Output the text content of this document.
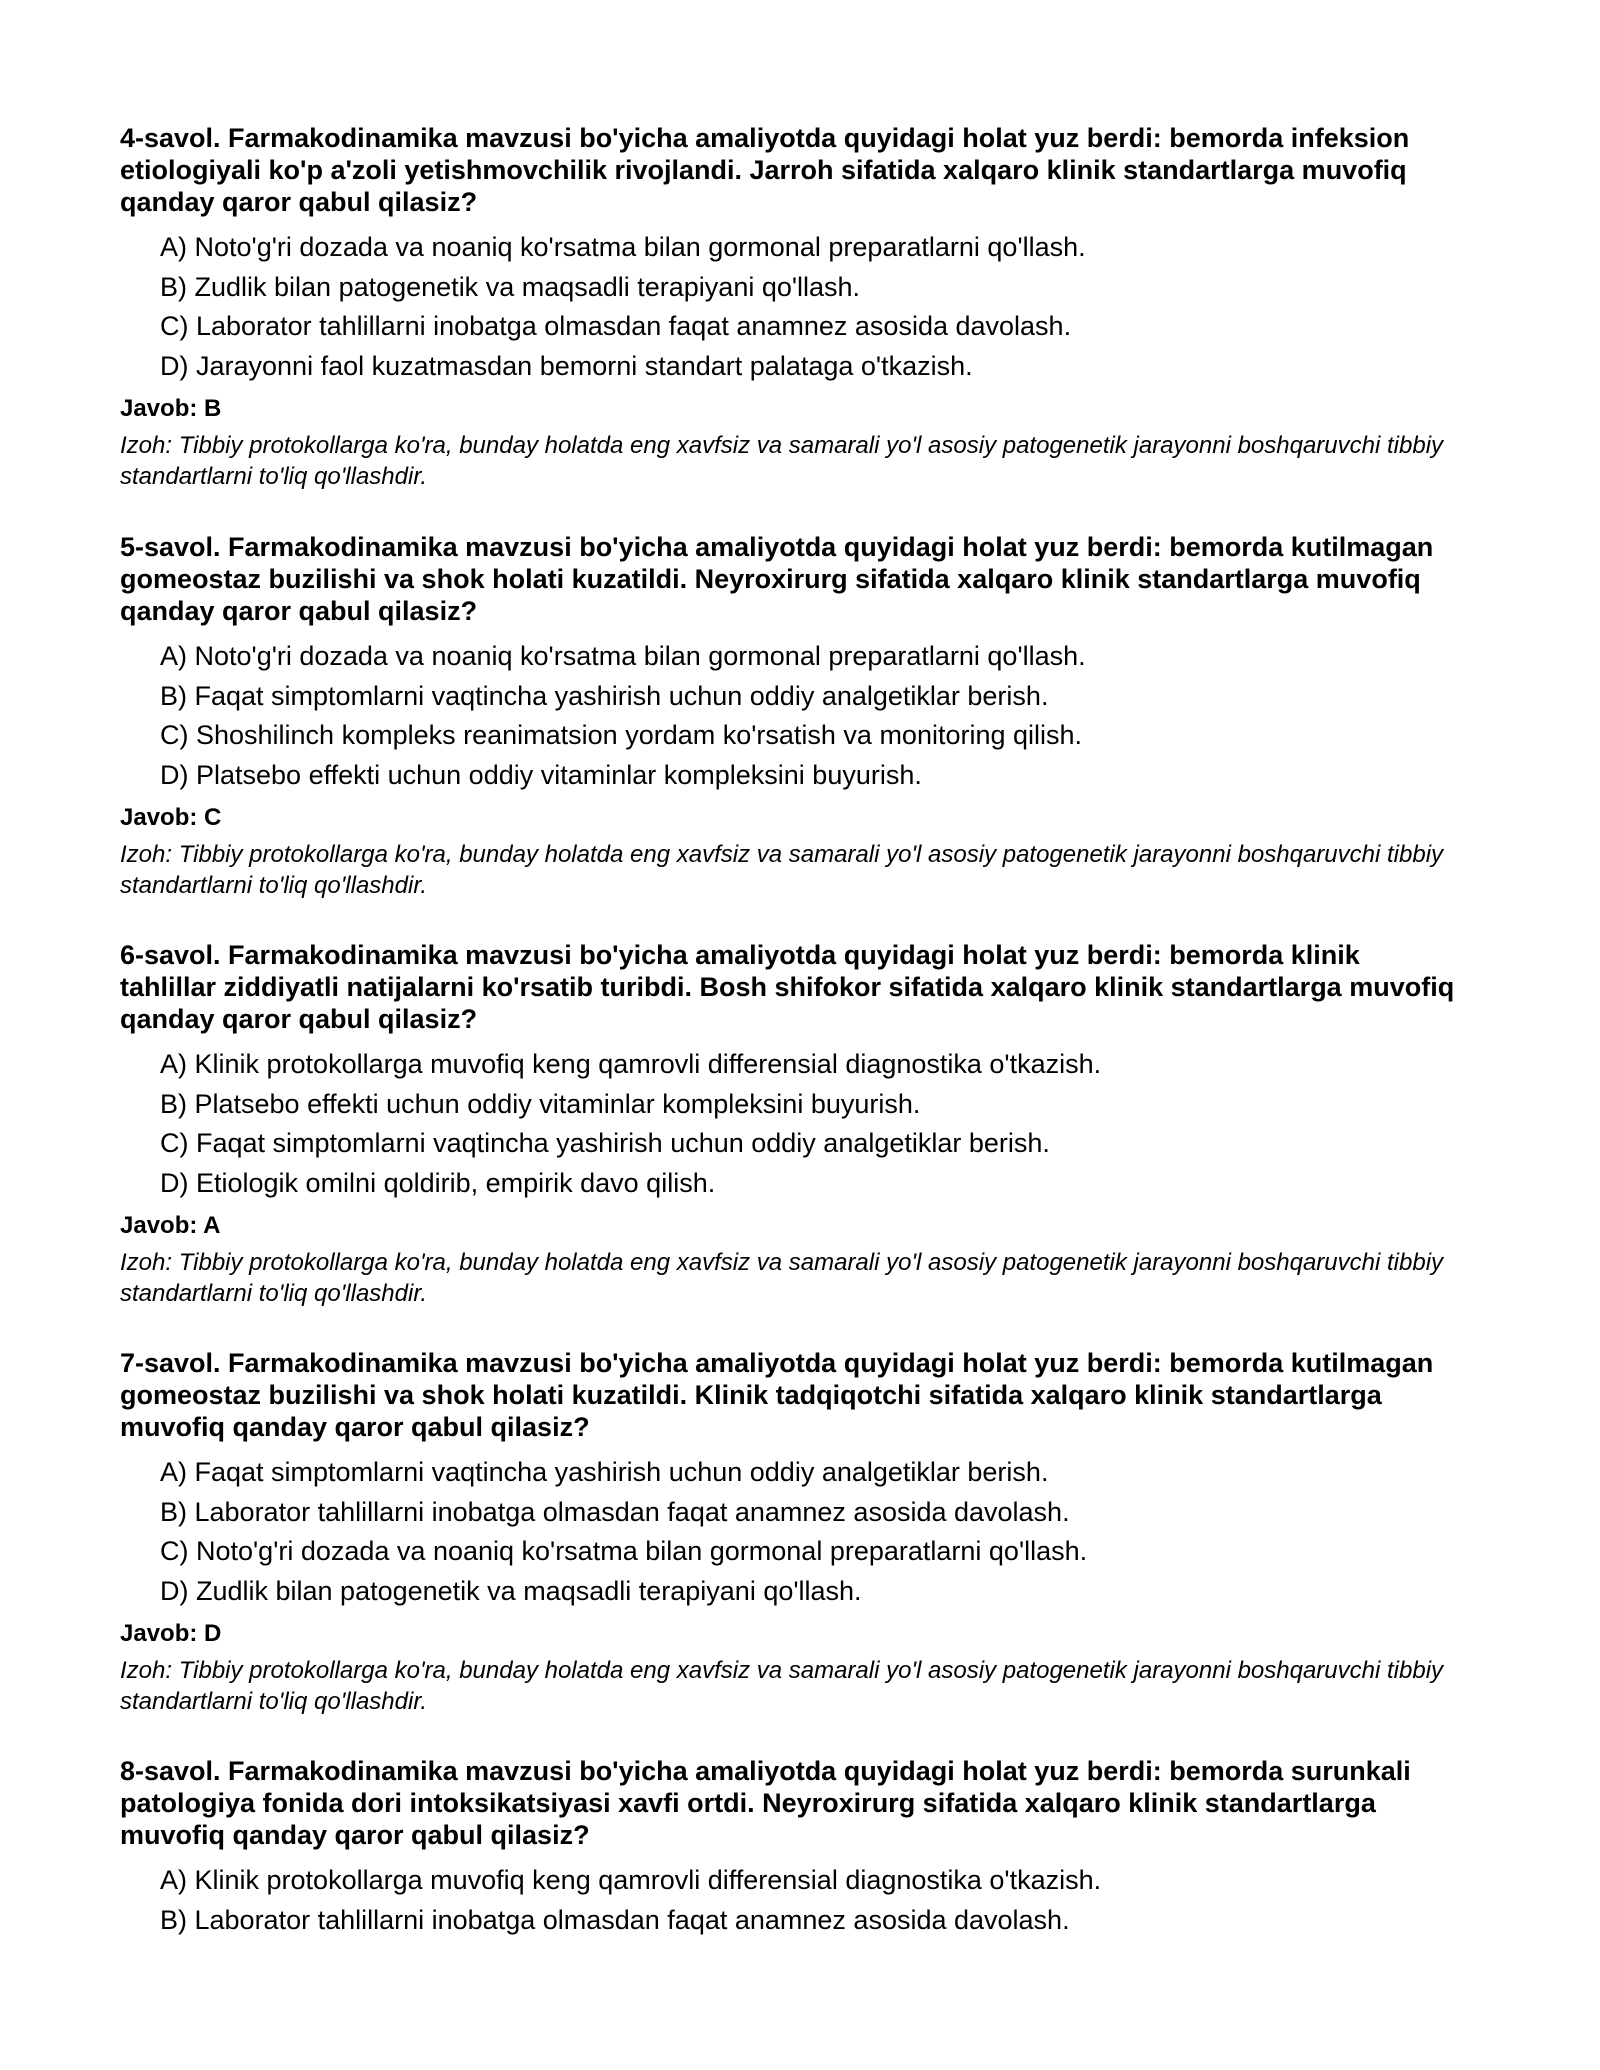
4-savol. Farmakodinamika mavzusi bo'yicha amaliyotda quyidagi holat yuz berdi: bemorda infeksion etiologiyali ko'p a'zoli yetishmovchilik rivojlandi. Jarroh sifatida xalqaro klinik standartlarga muvofiq qanday qaror qabul qilasiz?

A) Noto'g'ri dozada va noaniq ko'rsatma bilan gormonal preparatlarni qo'llash.
B) Zudlik bilan patogenetik va maqsadli terapiyani qo'llash.
C) Laborator tahlillarni inobatga olmasdan faqat anamnez asosida davolash.
D) Jarayonni faol kuzatmasdan bemorni standart palataga o'tkazish.

Javob: B

Izoh: Tibbiy protokollarga ko'ra, bunday holatda eng xavfsiz va samarali yo'l asosiy patogenetik jarayonni boshqaruvchi tibbiy standartlarni to'liq qo'llashdir.

5-savol. Farmakodinamika mavzusi bo'yicha amaliyotda quyidagi holat yuz berdi: bemorda kutilmagan gomeostaz buzilishi va shok holati kuzatildi. Neyroxirurg sifatida xalqaro klinik standartlarga muvofiq qanday qaror qabul qilasiz?

A) Noto'g'ri dozada va noaniq ko'rsatma bilan gormonal preparatlarni qo'llash.
B) Faqat simptomlarni vaqtincha yashirish uchun oddiy analgetiklar berish.
C) Shoshilinch kompleks reanimatsion yordam ko'rsatish va monitoring qilish.
D) Platsebo effekti uchun oddiy vitaminlar kompleksini buyurish.

Javob: C

Izoh: Tibbiy protokollarga ko'ra, bunday holatda eng xavfsiz va samarali yo'l asosiy patogenetik jarayonni boshqaruvchi tibbiy standartlarni to'liq qo'llashdir.

6-savol. Farmakodinamika mavzusi bo'yicha amaliyotda quyidagi holat yuz berdi: bemorda klinik tahlillar ziddiyatli natijalarni ko'rsatib turibdi. Bosh shifokor sifatida xalqaro klinik standartlarga muvofiq qanday qaror qabul qilasiz?

A) Klinik protokollarga muvofiq keng qamrovli differensial diagnostika o'tkazish.
B) Platsebo effekti uchun oddiy vitaminlar kompleksini buyurish.
C) Faqat simptomlarni vaqtincha yashirish uchun oddiy analgetiklar berish.
D) Etiologik omilni qoldirib, empirik davo qilish.

Javob: A

Izoh: Tibbiy protokollarga ko'ra, bunday holatda eng xavfsiz va samarali yo'l asosiy patogenetik jarayonni boshqaruvchi tibbiy standartlarni to'liq qo'llashdir.

7-savol. Farmakodinamika mavzusi bo'yicha amaliyotda quyidagi holat yuz berdi: bemorda kutilmagan gomeostaz buzilishi va shok holati kuzatildi. Klinik tadqiqotchi sifatida xalqaro klinik standartlarga muvofiq qanday qaror qabul qilasiz?

A) Faqat simptomlarni vaqtincha yashirish uchun oddiy analgetiklar berish.
B) Laborator tahlillarni inobatga olmasdan faqat anamnez asosida davolash.
C) Noto'g'ri dozada va noaniq ko'rsatma bilan gormonal preparatlarni qo'llash.
D) Zudlik bilan patogenetik va maqsadli terapiyani qo'llash.

Javob: D

Izoh: Tibbiy protokollarga ko'ra, bunday holatda eng xavfsiz va samarali yo'l asosiy patogenetik jarayonni boshqaruvchi tibbiy standartlarni to'liq qo'llashdir.

8-savol. Farmakodinamika mavzusi bo'yicha amaliyotda quyidagi holat yuz berdi: bemorda surunkali patologiya fonida dori intoksikatsiyasi xavfi ortdi. Neyroxirurg sifatida xalqaro klinik standartlarga muvofiq qanday qaror qabul qilasiz?

A) Klinik protokollarga muvofiq keng qamrovli differensial diagnostika o'tkazish.
B) Laborator tahlillarni inobatga olmasdan faqat anamnez asosida davolash.
